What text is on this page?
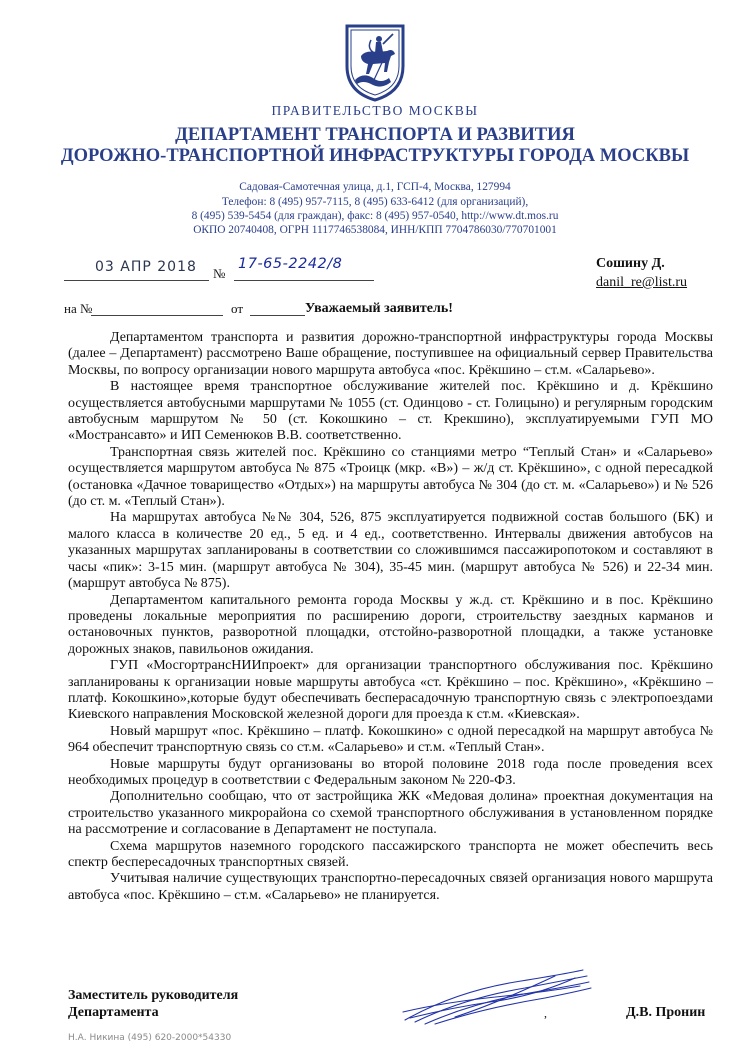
ПРАВИТЕЛЬСТВО МОСКВЫ
ДЕПАРТАМЕНТ ТРАНСПОРТА И РАЗВИТИЯ
ДОРОЖНО-ТРАНСПОРТНОЙ ИНФРАСТРУКТУРЫ ГОРОДА МОСКВЫ
Садовая-Самотечная улица, д.1, ГСП-4, Москва, 127994
Телефон: 8 (495) 957-7115, 8 (495) 633-6412 (для организаций),
8 (495) 539-5454 (для граждан), факс: 8 (495) 957-0540, http://www.dt.mos.ru
ОКПО 20740408, ОГРН 1117746538084, ИНН/КПП 7704786030/770701001
03 АПР 2018 №
17-65-2242/8	Сошину Д.
danil_re@list.ru
на №	от	Уважаемый заявитель!

Департаментом транспорта и развития дорожно-транспортной инфраструктуры города Москвы (далее – Департамент) рассмотрено Ваше обращение, поступившее на официальный сервер Правительства Москвы, по вопросу организации нового маршрута автобуса «пос. Крёкшино – ст.м. «Саларьево».

В настоящее время транспортное обслуживание жителей пос. Крёкшино и д. Крёкшино осуществляется автобусными маршрутами № 1055 (ст. Одинцово - ст. Голицыно) и регулярным городским автобусным маршрутом № 50 (ст. Кокошкино – ст. Крекшино), эксплуатируемыми ГУП МО «Мострансавто» и ИП Семенюков В.В. соответственно.

Транспортная связь жителей пос. Крёкшино со станциями метро “Теплый Стан» и «Саларьево» осуществляется маршрутом автобуса № 875 «Троицк (мкр. «В») – ж/д ст. Крёкшино», с одной пересадкой (остановка «Дачное товарищество «Отдых») на маршруты автобуса № 304 (до ст. м. «Саларьево») и № 526 (до ст. м. «Теплый Стан»).

На маршрутах автобуса №№ 304, 526, 875 эксплуатируется подвижной состав большого (БК) и малого класса в количестве 20 ед., 5 ед. и 4 ед., соответственно. Интервалы движения автобусов на указанных маршрутах запланированы в соответствии со сложившимся пассажиропотоком и составляют в часы «пик»: 3-15 мин. (маршрут автобуса № 304), 35-45 мин. (маршрут автобуса № 526) и 22-34 мин. (маршрут автобуса № 875).

Департаментом капитального ремонта города Москвы у ж.д. ст. Крёкшино и в пос. Крёкшино проведены локальные мероприятия по расширению дороги, строительству заездных карманов и остановочных пунктов, разворотной площадки, отстойно-разворотной площадки, а также установке дорожных знаков, павильонов ожидания.

ГУП «МосгортрансНИИпроект» для организации транспортного обслуживания пос. Крёкшино запланированы к организации новые маршруты автобуса «ст. Крёкшино – пос. Крёкшино», «Крёкшино – платф. Кокошкино»,которые будут обеспечивать бесперасадочную транспортную связь с электропоездами Киевского направления Московской железной дороги для проезда к ст.м. «Киевская».

Новый маршрут «пос. Крёкшино – платф. Кокошкино» с одной пересадкой на маршрут автобуса № 964 обеспечит транспортную связь со ст.м. «Саларьево» и ст.м. «Теплый Стан».

Новые маршруты будут организованы во второй половине 2018 года после проведения всех необходимых процедур в соответствии с Федеральным законом № 220-ФЗ.

Дополнительно сообщаю, что от застройщика ЖК «Медовая долина» проектная документация на строительство указанного микрорайона со схемой транспортного обслуживания в установленном порядке на рассмотрение и согласование в Департамент не поступала.

Схема маршрутов наземного городского пассажирского транспорта не может обеспечить весь спектр беспересадочных транспортных связей.

Учитывая наличие существующих транспортно-пересадочных связей организация нового маршрута автобуса «пос. Крёкшино – ст.м. «Саларьево» не планируется.

Заместитель руководителя
Департамента	,	Д.В. Пронин
Н.А. Никина (495) 620-2000*54330
